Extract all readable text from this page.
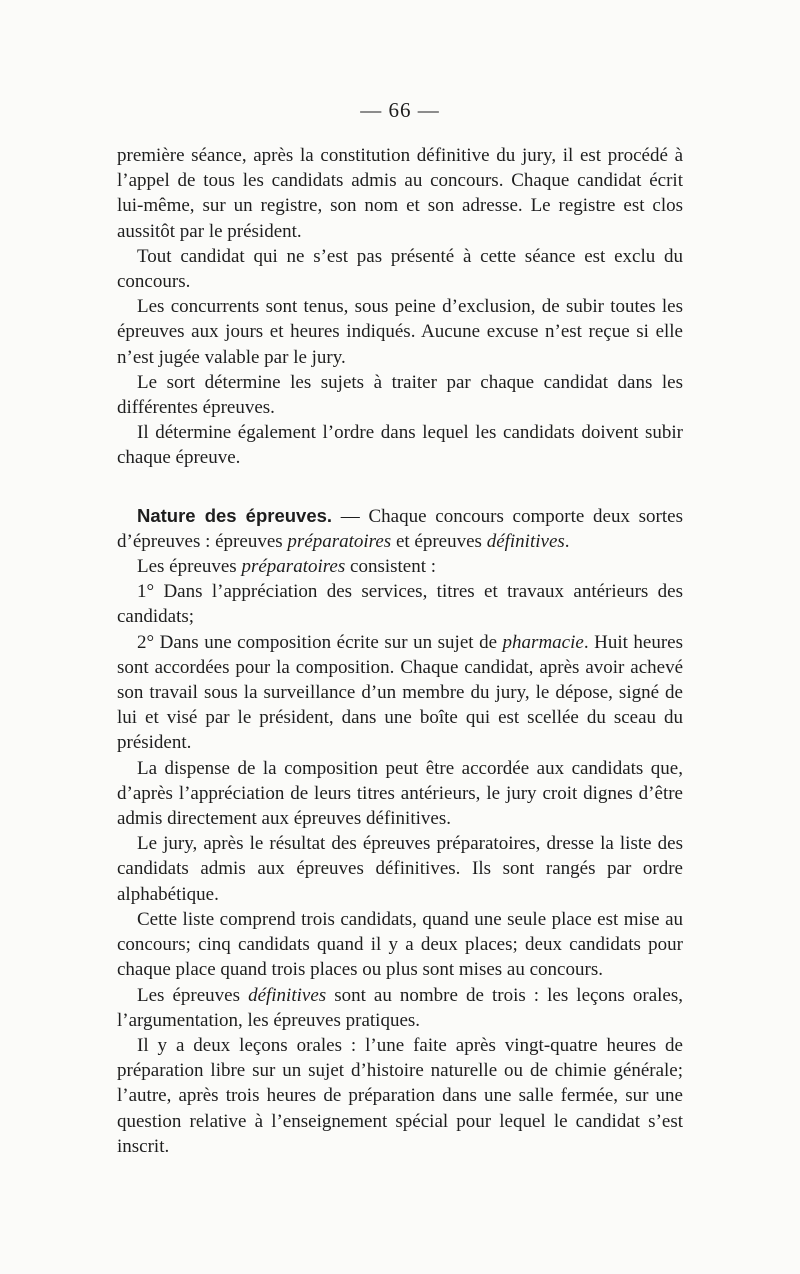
— 66 —

première séance, après la constitution définitive du jury, il est procédé à l’appel de tous les candidats admis au concours. Chaque candidat écrit lui-même, sur un registre, son nom et son adresse. Le registre est clos aussitôt par le président.

Tout candidat qui ne s’est pas présenté à cette séance est exclu du concours.

Les concurrents sont tenus, sous peine d’exclusion, de subir toutes les épreuves aux jours et heures indiqués. Aucune excuse n’est reçue si elle n’est jugée valable par le jury.

Le sort détermine les sujets à traiter par chaque candidat dans les différentes épreuves.

Il détermine également l’ordre dans lequel les candidats doivent subir chaque épreuve.

Nature des épreuves. — Chaque concours comporte deux sortes d’épreuves : épreuves préparatoires et épreuves définitives.

Les épreuves préparatoires consistent :

1° Dans l’appréciation des services, titres et travaux antérieurs des candidats;

2° Dans une composition écrite sur un sujet de pharmacie. Huit heures sont accordées pour la composition. Chaque candidat, après avoir achevé son travail sous la surveillance d’un membre du jury, le dépose, signé de lui et visé par le président, dans une boîte qui est scellée du sceau du président.

La dispense de la composition peut être accordée aux candidats que, d’après l’appréciation de leurs titres antérieurs, le jury croit dignes d’être admis directement aux épreuves définitives.

Le jury, après le résultat des épreuves préparatoires, dresse la liste des candidats admis aux épreuves définitives. Ils sont rangés par ordre alphabétique.

Cette liste comprend trois candidats, quand une seule place est mise au concours; cinq candidats quand il y a deux places; deux candidats pour chaque place quand trois places ou plus sont mises au concours.

Les épreuves définitives sont au nombre de trois : les leçons orales, l’argumentation, les épreuves pratiques.

Il y a deux leçons orales : l’une faite après vingt-quatre heures de préparation libre sur un sujet d’histoire naturelle ou de chimie générale; l’autre, après trois heures de préparation dans une salle fermée, sur une question relative à l’enseignement spécial pour lequel le candidat s’est inscrit.
